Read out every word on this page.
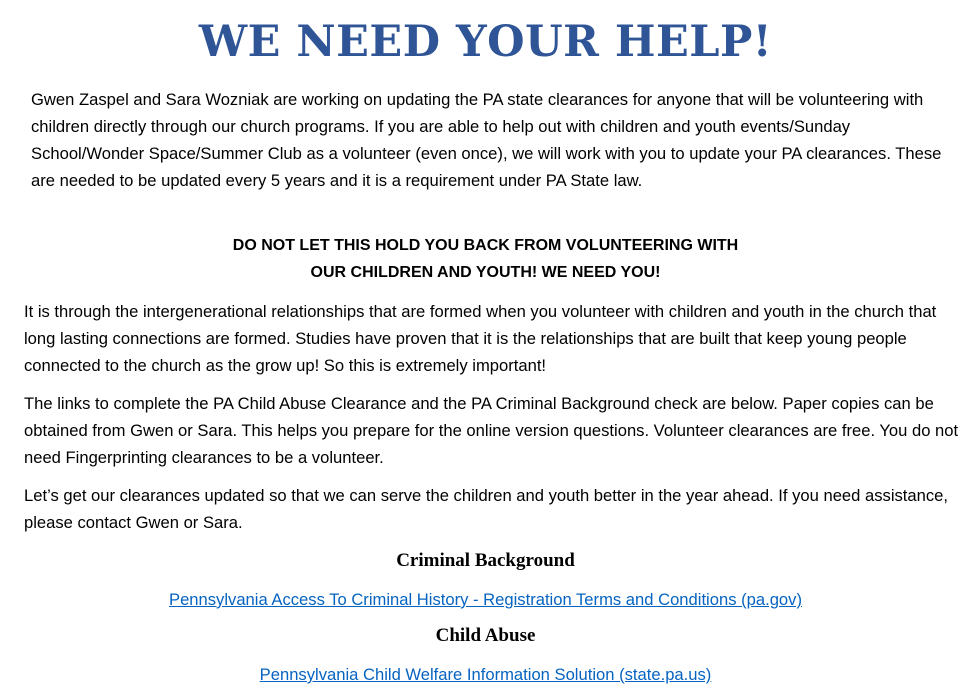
WE NEED YOUR HELP!

Gwen Zaspel and Sara Wozniak are working on updating the PA state clearances for anyone that will be volunteering with children directly through our church programs. If you are able to help out with children and youth events/Sunday School/Wonder Space/Summer Club as a volunteer (even once), we will work with you to update your PA clearances. These are needed to be updated every 5 years and it is a requirement under PA State law.

DO NOT LET THIS HOLD YOU BACK FROM VOLUNTEERING WITH
OUR CHILDREN AND YOUTH! WE NEED YOU!

It is through the intergenerational relationships that are formed when you volunteer with children and youth in the church that long lasting connections are formed. Studies have proven that it is the relationships that are built that keep young people connected to the church as the grow up! So this is extremely important!

The links to complete the PA Child Abuse Clearance and the PA Criminal Background check are below. Paper copies can be obtained from Gwen or Sara. This helps you prepare for the online version questions. Volunteer clearances are free. You do not need Fingerprinting clearances to be a volunteer.

Let’s get our clearances updated so that we can serve the children and youth better in the year ahead. If you need assistance, please contact Gwen or Sara.

Criminal Background
Pennsylvania Access To Criminal History - Registration Terms and Conditions (pa.gov)
Child Abuse
Pennsylvania Child Welfare Information Solution (state.pa.us)
